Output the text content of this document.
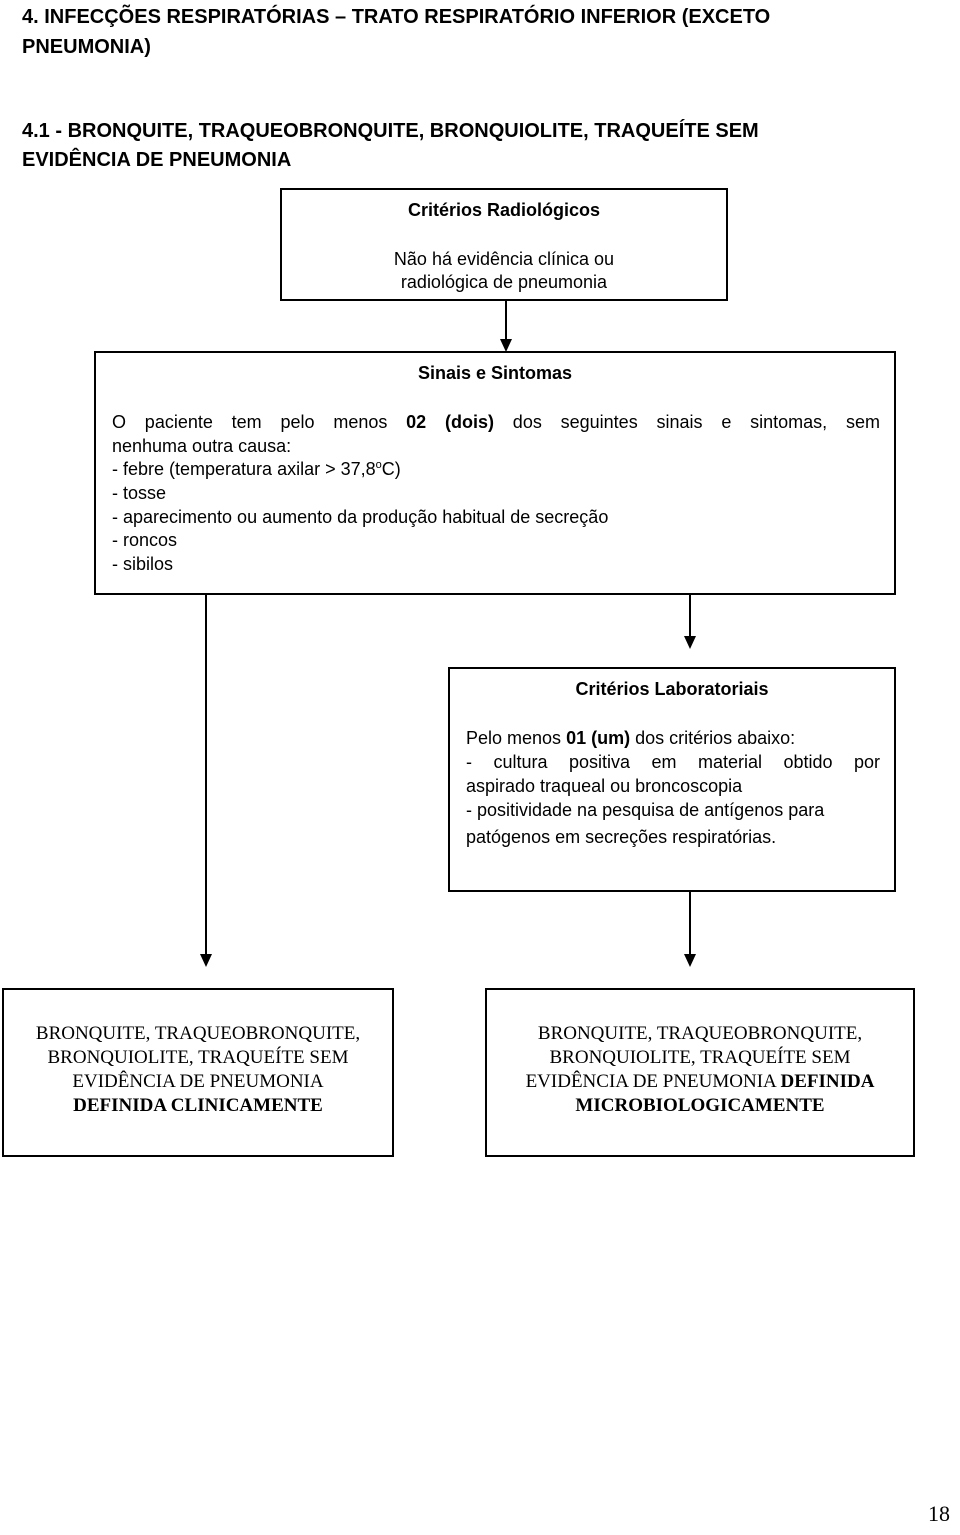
4. INFECÇÕES RESPIRATÓRIAS – TRATO RESPIRATÓRIO INFERIOR (EXCETO

PNEUMONIA)

4.1 - BRONQUITE, TRAQUEOBRONQUITE, BRONQUIOLITE, TRAQUEÍTE SEM

EVIDÊNCIA DE PNEUMONIA

Critérios Radiológicos
Não há evidência clínica ou
radiológica de pneumonia
Sinais e Sintomas
O paciente tem pelo menos 02 (dois) dos seguintes sinais e sintomas, sem
nenhuma outra causa:
- febre (temperatura axilar > $37,8^oC$)
- tosse
- aparecimento ou aumento da produção habitual de secreção
- roncos
- sibilos
Critérios Laboratoriais
Pelo menos 01 (um) dos critérios abaixo:
- cultura positiva em material obtido por
aspirado traqueal ou broncoscopia
- positividade na pesquisa de antígenos para
patógenos em secreções respiratórias.
BRONQUITE, TRAQUEOBRONQUITE,
BRONQUIOLITE, TRAQUEÍTE SEM
EVIDÊNCIA DE PNEUMONIA
DEFINIDA CLINICAMENTE
BRONQUITE, TRAQUEOBRONQUITE,
BRONQUIOLITE, TRAQUEÍTE SEM
EVIDÊNCIA DE PNEUMONIA DEFINIDA
MICROBIOLOGICAMENTE
18
